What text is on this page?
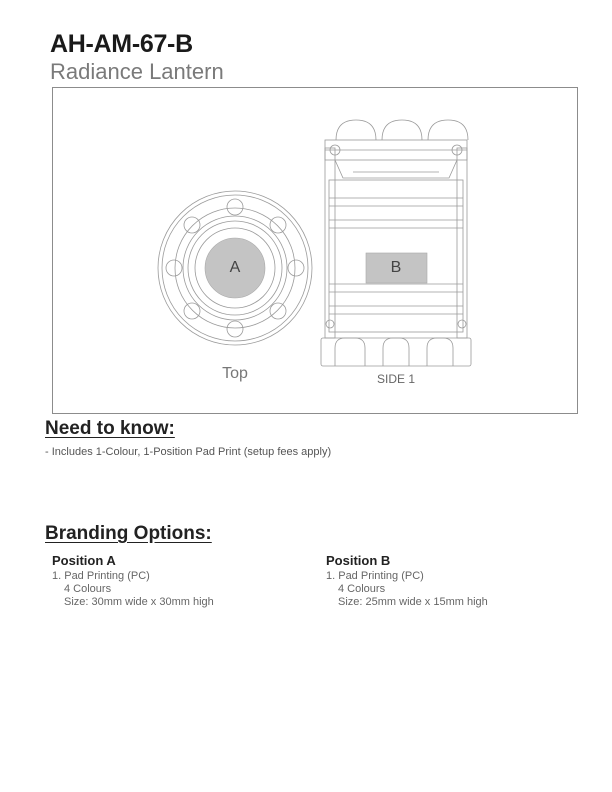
AH-AM-67-B
Radiance Lantern
A	B
Top	SIDE 1
Need to know:
- Includes 1-Colour, 1-Position Pad Print (setup fees apply)
Branding Options:
Position A
1. Pad Printing (PC)
4 Colours
Size: 30mm wide x 30mm high
Position B
1. Pad Printing (PC)
4 Colours
Size: 25mm wide x 15mm high
